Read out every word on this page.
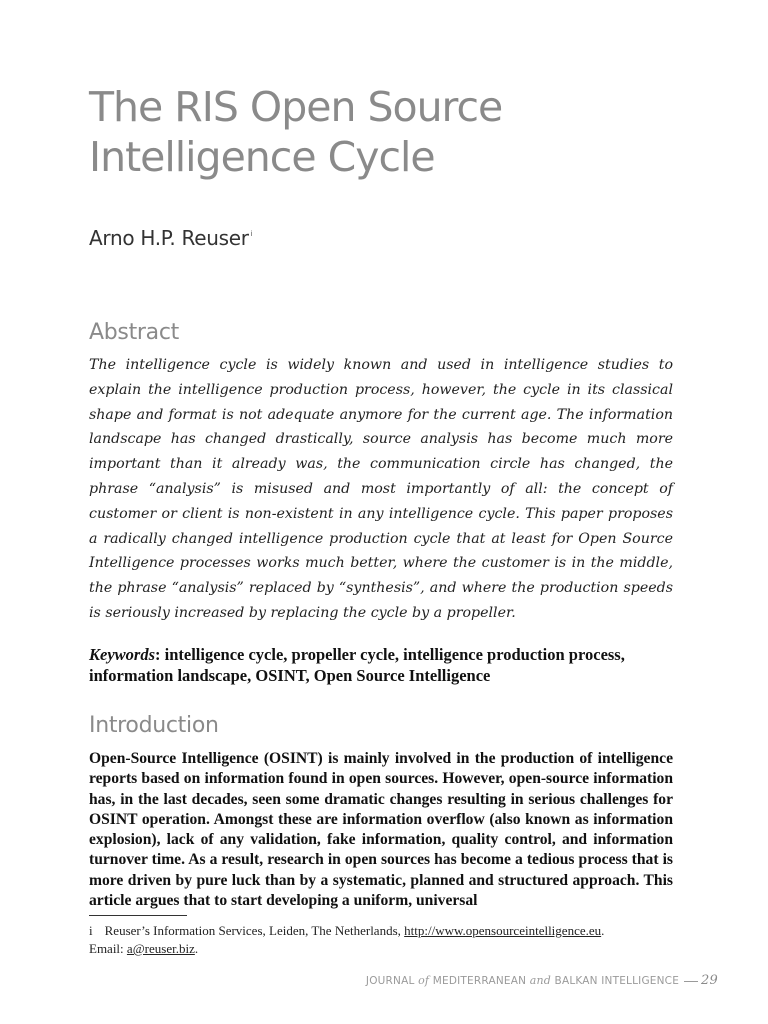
The RIS Open Source
Intelligence Cycle
Arno H.P. Reuser $^i$
Abstract

The intelligence cycle is widely known and used in intelligence studies to explain the intelligence production process, however, the cycle in its classical shape and format is not adequate anymore for the current age. The information landscape has changed drastically, source analysis has become much more important than it already was, the communication circle has changed, the phrase “analysis” is misused and most importantly of all: the concept of customer or client is non-existent in any intelligence cycle. This paper proposes a radically changed intelligence production cycle that at least for Open Source Intelligence processes works much better, where the customer is in the middle, the phrase “analysis” replaced by “synthesis”, and where the production speeds is seriously increased by replacing the cycle by a propeller.

Keywords: intelligence cycle, propeller cycle, intelligence production process, information landscape, OSINT, Open Source Intelligence

Introduction

Open-Source Intelligence (OSINT) is mainly involved in the production of intelligence reports based on information found in open sources. However, open-source information has, in the last decades, seen some dramatic changes resulting in serious challenges for OSINT operation. Amongst these are information overflow (also known as information explosion), lack of any validation, fake information, quality control, and information turnover time. As a result, research in open sources has become a tedious process that is more driven by pure luck than by a systematic, planned and structured approach. This article argues that to start developing a uniform, universal

i Reuser’s Information Services, Leiden, The Netherlands, http://www.opensourceintelligence.eu.
Email: a@reuser.biz.

JOURNAL of MEDITERRANEAN and BALKAN INTELLIGENCE 29
